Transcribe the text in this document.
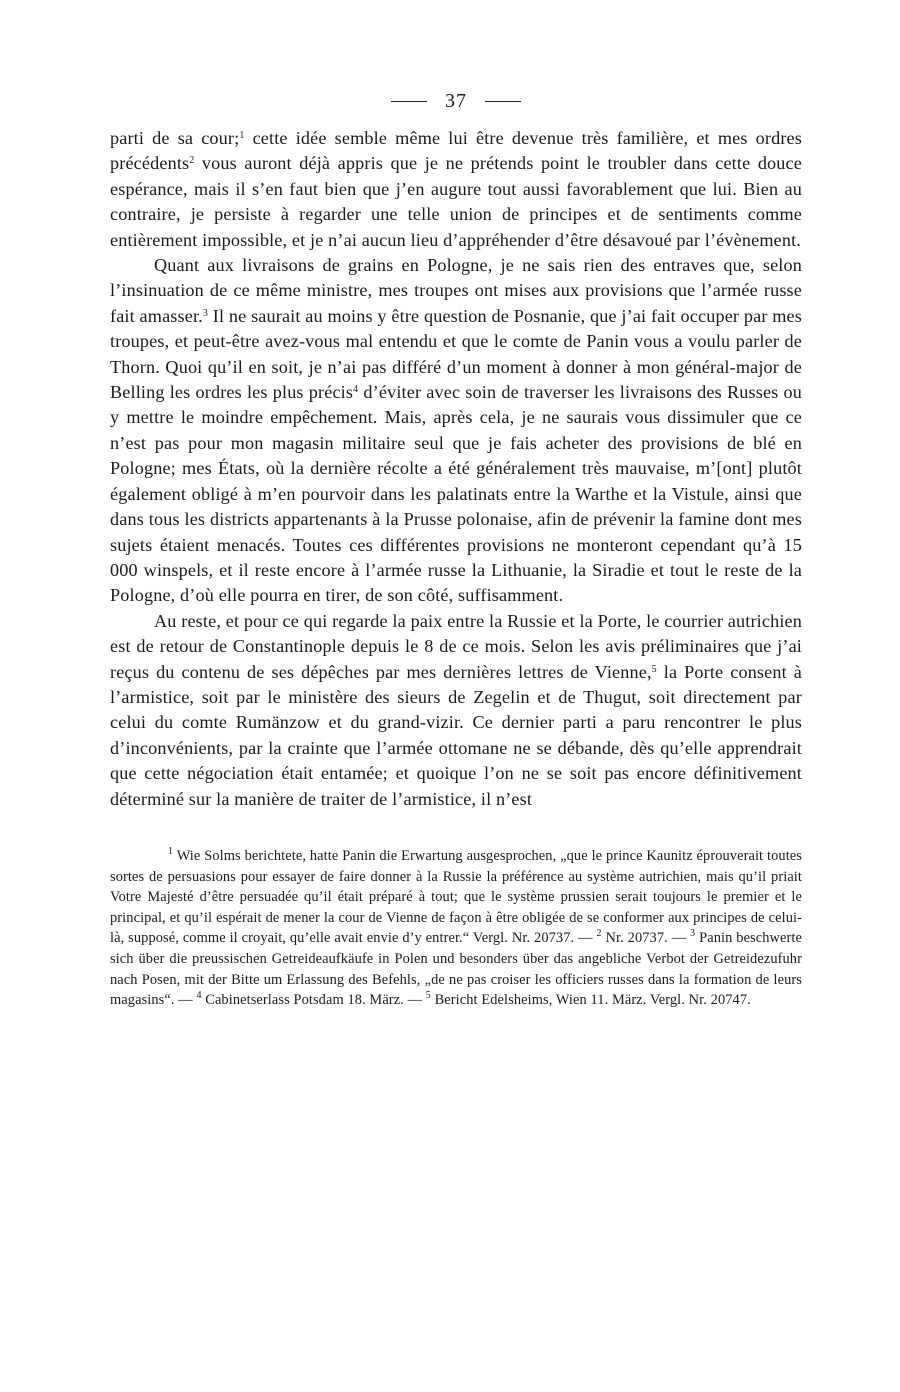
37

parti de sa cour;$^1$ cette idée semble même lui être devenue très familière, et mes ordres précédents$^2$ vous auront déjà appris que je ne prétends point le troubler dans cette douce espérance, mais il s’en faut bien que j’en augure tout aussi favorablement que lui. Bien au contraire, je persiste à regarder une telle union de principes et de sentiments comme entièrement impossible, et je n’ai aucun lieu d’appréhender d’être désavoué par l’évènement.

Quant aux livraisons de grains en Pologne, je ne sais rien des entraves que, selon l’insinuation de ce même ministre, mes troupes ont mises aux provisions que l’armée russe fait amasser.$^3$ Il ne saurait au moins y être question de Posnanie, que j’ai fait occuper par mes troupes, et peut-être avez-vous mal entendu et que le comte de Panin vous a voulu parler de Thorn. Quoi qu’il en soit, je n’ai pas différé d’un moment à donner à mon général-major de Belling les ordres les plus précis$^4$ d’éviter avec soin de traverser les livraisons des Russes ou y mettre le moindre empêchement. Mais, après cela, je ne saurais vous dissimuler que ce n’est pas pour mon magasin militaire seul que je fais acheter des provisions de blé en Pologne; mes États, où la dernière récolte a été généralement très mauvaise, m’[ont] plutôt également obligé à m’en pourvoir dans les palatinats entre la Warthe et la Vistule, ainsi que dans tous les districts appartenants à la Prusse polonaise, afin de prévenir la famine dont mes sujets étaient menacés. Toutes ces différentes provisions ne monteront cependant qu’à 15 000 winspels, et il reste encore à l’armée russe la Lithuanie, la Siradie et tout le reste de la Pologne, d’où elle pourra en tirer, de son côté, suffisamment.

Au reste, et pour ce qui regarde la paix entre la Russie et la Porte, le courrier autrichien est de retour de Constantinople depuis le 8 de ce mois. Selon les avis préliminaires que j’ai reçus du contenu de ses dépêches par mes dernières lettres de Vienne,$^5$ la Porte consent à l’armistice, soit par le ministère des sieurs de Zegelin et de Thugut, soit directement par celui du comte Rumänzow et du grand-vizir. Ce dernier parti a paru rencontrer le plus d’inconvénients, par la crainte que l’armée ottomane ne se débande, dès qu’elle apprendrait que cette négociation était entamée; et quoique l’on ne se soit pas encore définitivement déterminé sur la manière de traiter de l’armistice, il n’est

$^1$ Wie Solms berichtete, hatte Panin die Erwartung ausgesprochen, „que le prince Kaunitz éprouverait toutes sortes de persuasions pour essayer de faire donner à la Russie la préférence au système autrichien, mais qu’il priait Votre Majesté d’être persuadée qu’il était préparé à tout; que le système prussien serait toujours le premier et le principal, et qu’il espérait de mener la cour de Vienne de façon à être obligée de se conformer aux principes de celui-là, supposé, comme il croyait, qu’elle avait envie d’y entrer.“ Vergl. Nr. 20737. — $^2$ Nr. 20737. — $^3$ Panin beschwerte sich über die preussischen Getreideaufkäufe in Polen und besonders über das angebliche Verbot der Getreidezufuhr nach Posen, mit der Bitte um Erlassung des Befehls, „de ne pas croiser les officiers russes dans la formation de leurs magasins“. — $^4$ Cabinetserlass Potsdam 18. März. — $^5$ Bericht Edelsheims, Wien 11. März. Vergl. Nr. 20747.
